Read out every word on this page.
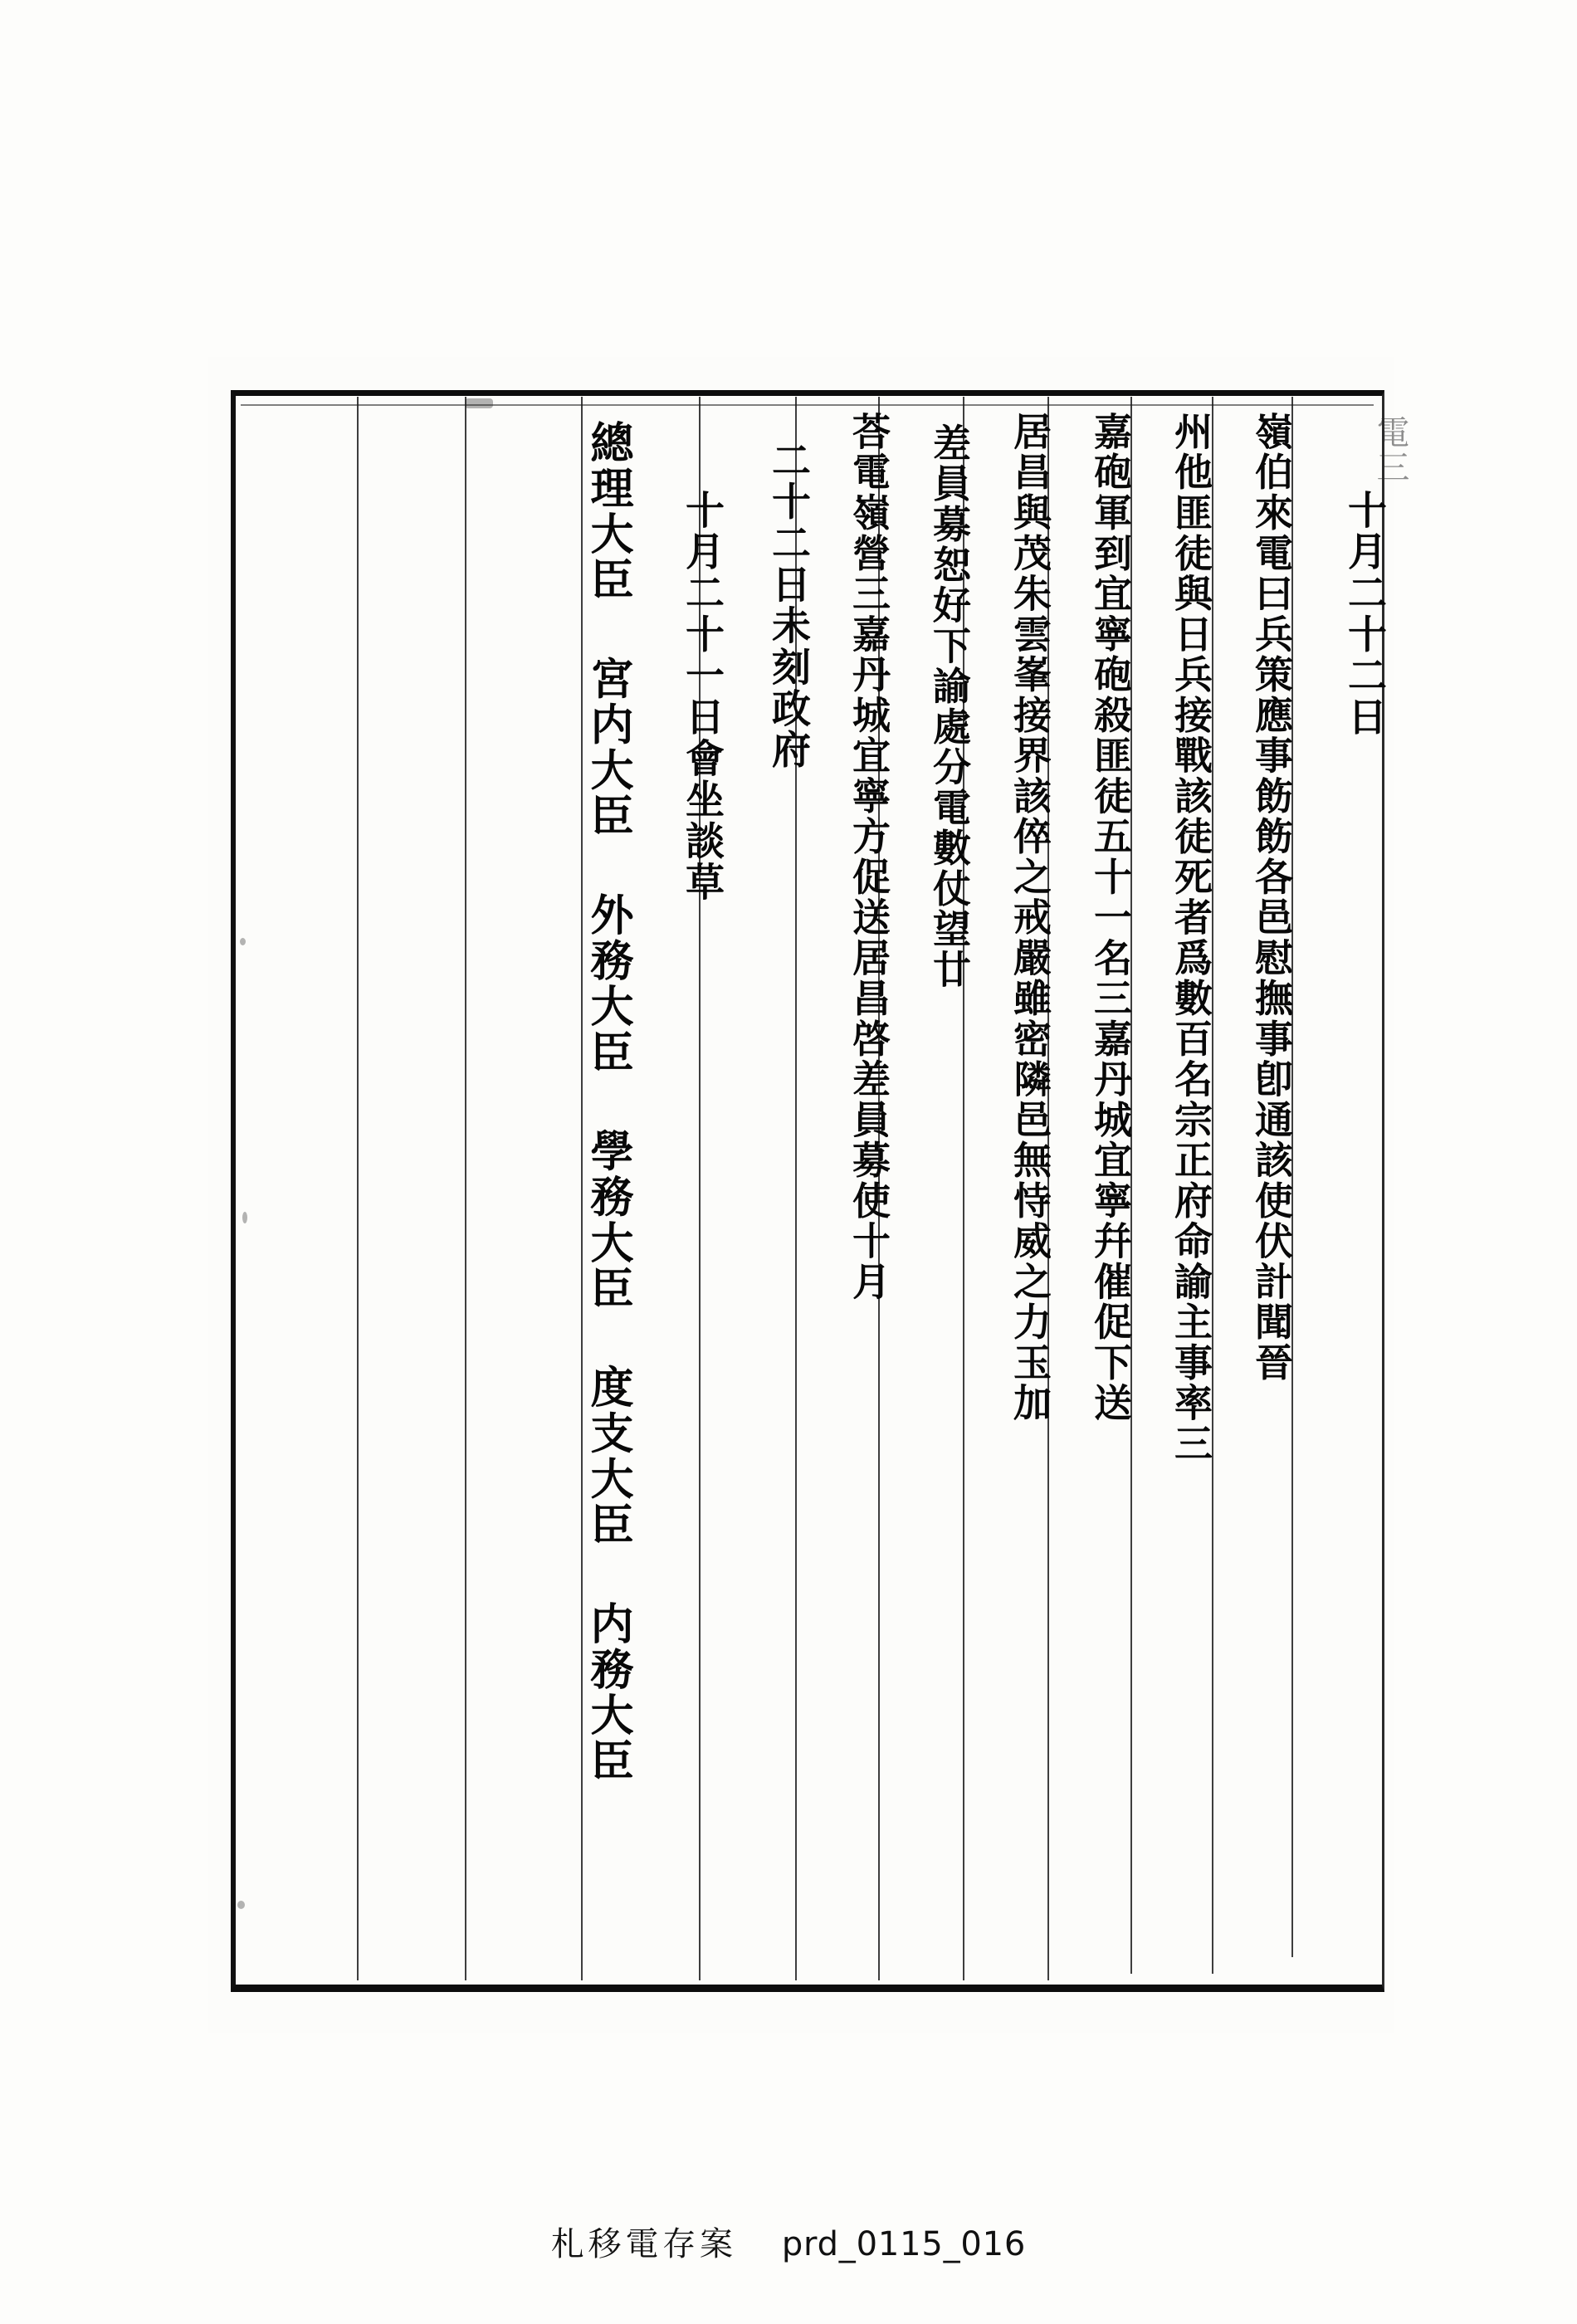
電三
十月二十二日
嶺伯來電曰兵策應事飭飭各邑慰撫事卽通該使伏計聞晉
州他匪徒與日兵接戰該徒死者爲數百名宗正府命諭主事率三
嘉砲軍到宜寧砲殺匪徒五十一名三嘉丹城宜寧幷催促下送
居昌與茂朱雲峯接界該倅之戒嚴雖密隣邑無恃威之力玉加
差員募恕好下諭處分電數仗望廿
荅電嶺營三嘉丹城宜寧方促送居昌啓差員募使十月
二十二日未刻政府
十月二十一日會坐談草
總理大臣 宮内大臣 外務大臣 學務大臣 度支大臣 内務大臣
札移電存案 prd_0115_016
